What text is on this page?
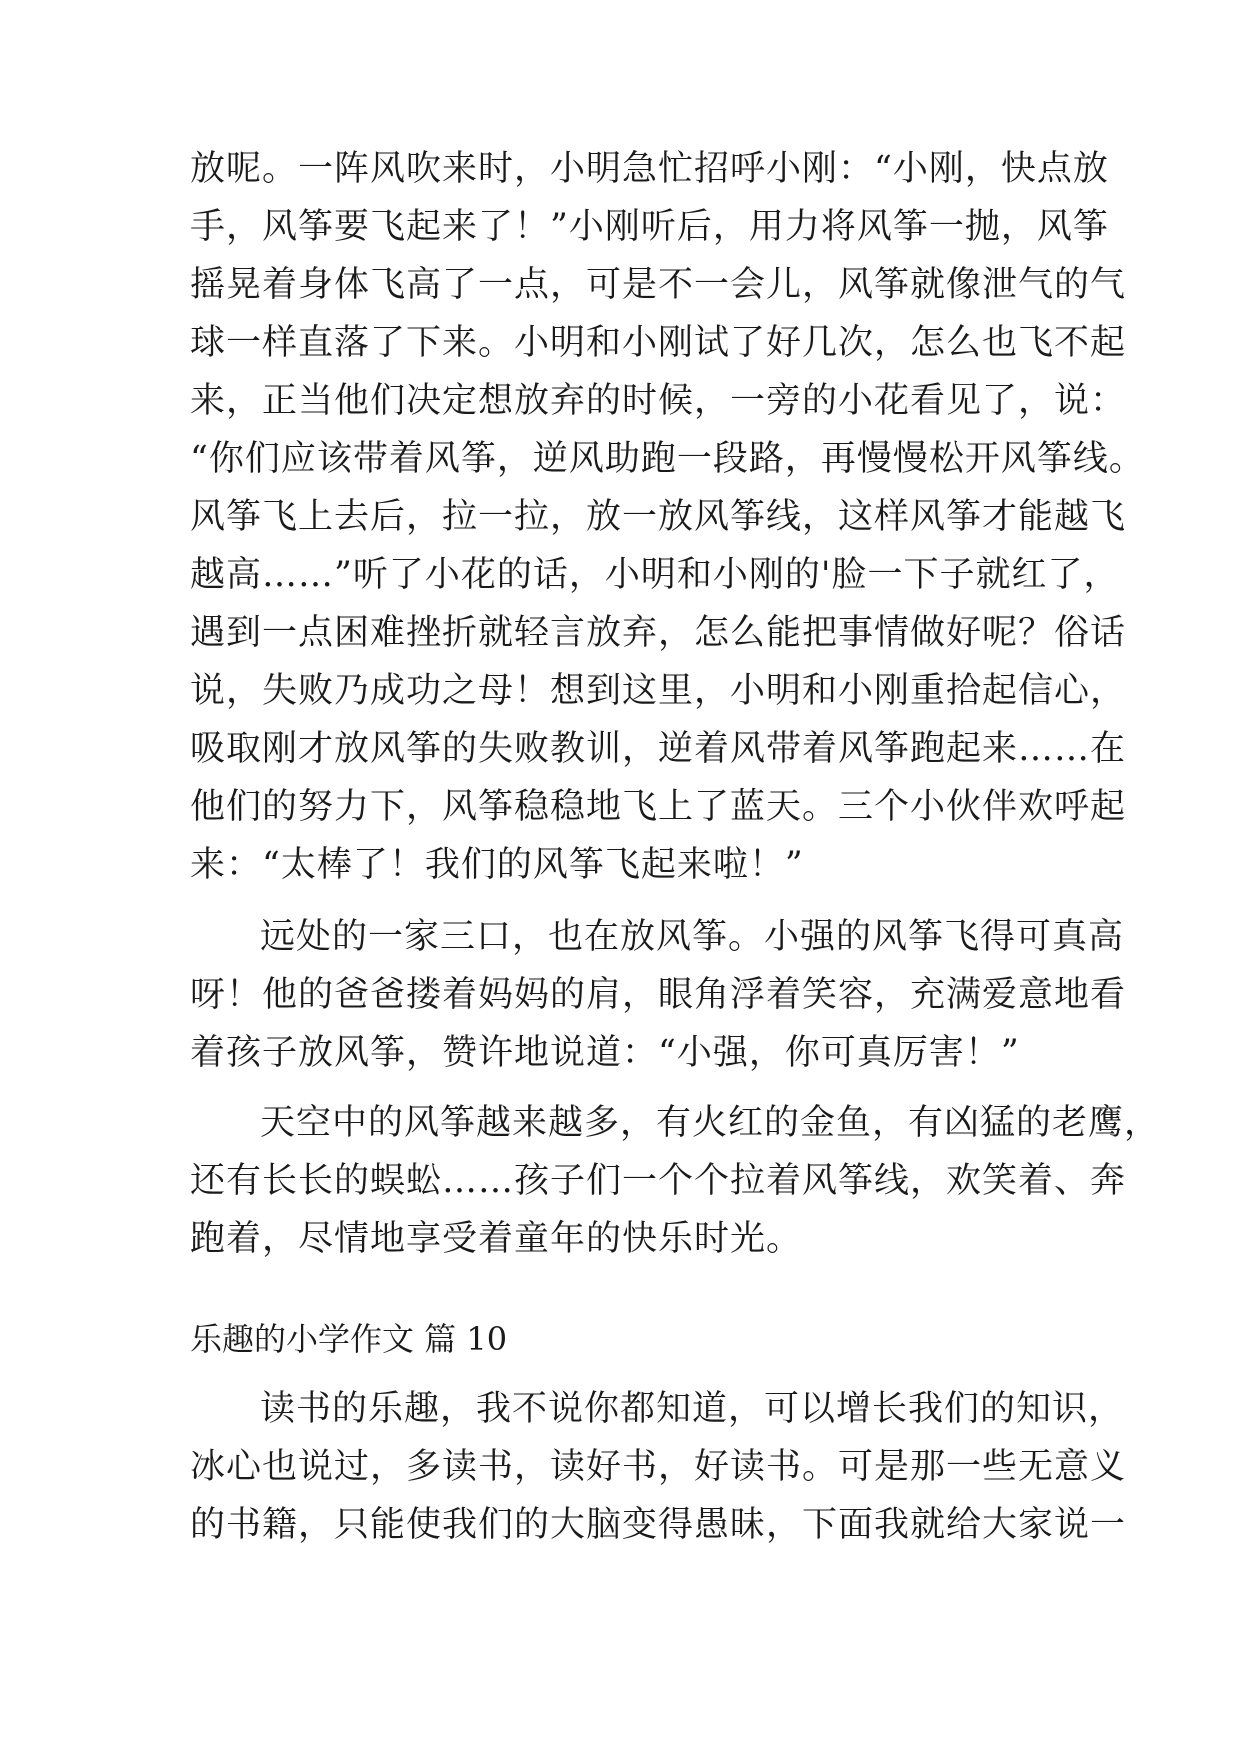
放呢。一阵风吹来时，小明急忙招呼小刚：“小刚，快点放
手，风筝要飞起来了！”小刚听后，用力将风筝一抛，风筝
摇晃着身体飞高了一点，可是不一会儿，风筝就像泄气的气
球一样直落了下来。小明和小刚试了好几次，怎么也飞不起
来，正当他们决定想放弃的时候，一旁的小花看见了，说：
“你们应该带着风筝，逆风助跑一段路，再慢慢松开风筝线。
风筝飞上去后，拉一拉，放一放风筝线，这样风筝才能越飞
越高……”听了小花的话，小明和小刚的'脸一下子就红了，
遇到一点困难挫折就轻言放弃，怎么能把事情做好呢？俗话
说，失败乃成功之母！想到这里，小明和小刚重拾起信心，
吸取刚才放风筝的失败教训，逆着风带着风筝跑起来……在
他们的努力下，风筝稳稳地飞上了蓝天。三个小伙伴欢呼起
来：“太棒了！我们的风筝飞起来啦！”
远处的一家三口，也在放风筝。小强的风筝飞得可真高
呀！他的爸爸搂着妈妈的肩，眼角浮着笑容，充满爱意地看
着孩子放风筝，赞许地说道：“小强，你可真厉害！”
天空中的风筝越来越多，有火红的金鱼，有凶猛的老鹰，
还有长长的蜈蚣……孩子们一个个拉着风筝线，欢笑着、奔
跑着，尽情地享受着童年的快乐时光。
乐趣的小学作文 篇 10
读书的乐趣，我不说你都知道，可以增长我们的知识，
冰心也说过，多读书，读好书，好读书。可是那一些无意义
的书籍，只能使我们的大脑变得愚昧，下面我就给大家说一
